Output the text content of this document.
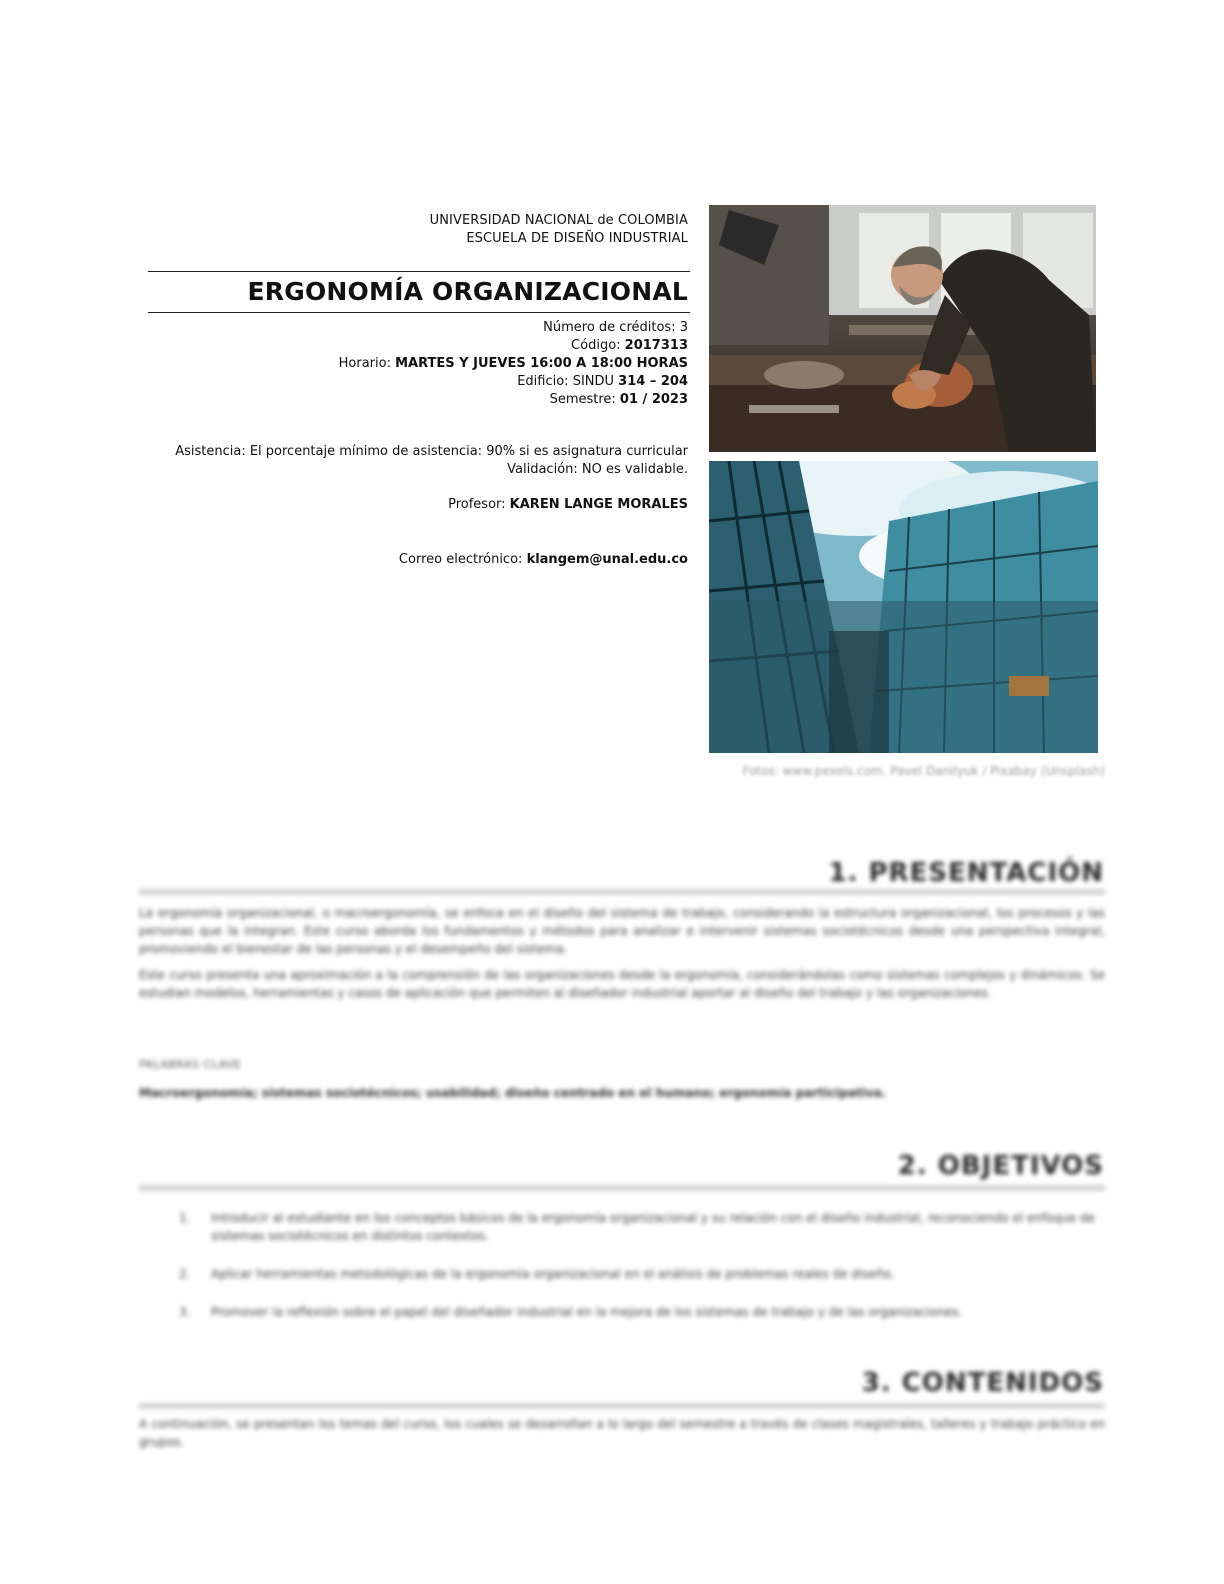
UNIVERSIDAD NACIONAL de COLOMBIA
ESCUELA DE DISEÑO INDUSTRIAL
ERGONOMÍA ORGANIZACIONAL
Número de créditos: 3
Código: 2017313
Horario: MARTES Y JUEVES 16:00 A 18:00 HORAS
Edificio: SINDU 314 – 204
Semestre: 01 / 2023
Asistencia: El porcentaje mínimo de asistencia: 90% si es asignatura curricular
Validación: NO es validable.
Profesor: KAREN LANGE MORALES
Correo electrónico: klangem@unal.edu.co
Fotos: www.pexels.com. Pavel Danilyuk / Pixabay (Unsplash)
1. PRESENTACIÓN
La ergonomía organizacional, o macroergonomía, se enfoca en el diseño del sistema de trabajo, considerando la estructura organizacional, los procesos y las personas que la integran. Este curso aborda los fundamentos y métodos para analizar e intervenir sistemas sociotécnicos desde una perspectiva integral, promoviendo el bienestar de las personas y el desempeño del sistema.
Este curso presenta una aproximación a la comprensión de las organizaciones desde la ergonomía, considerándolas como sistemas complejos y dinámicos. Se estudian modelos, herramientas y casos de aplicación que permiten al diseñador industrial aportar al diseño del trabajo y las organizaciones.
PALABRAS CLAVE
Macroergonomía; sistemas sociotécnicos; usabilidad; diseño centrado en el humano; ergonomía participativa.
2. OBJETIVOS
1. Introducir al estudiante en los conceptos básicos de la ergonomía organizacional y su relación con el diseño industrial, reconociendo el enfoque de sistemas sociotécnicos en distintos contextos.
2. Aplicar herramientas metodológicas de la ergonomía organizacional en el análisis de problemas reales de diseño.
3. Promover la reflexión sobre el papel del diseñador industrial en la mejora de los sistemas de trabajo y de las organizaciones.
3. CONTENIDOS
A continuación, se presentan los temas del curso, los cuales se desarrollan a lo largo del semestre a través de clases magistrales, talleres y trabajo práctico en grupos.
